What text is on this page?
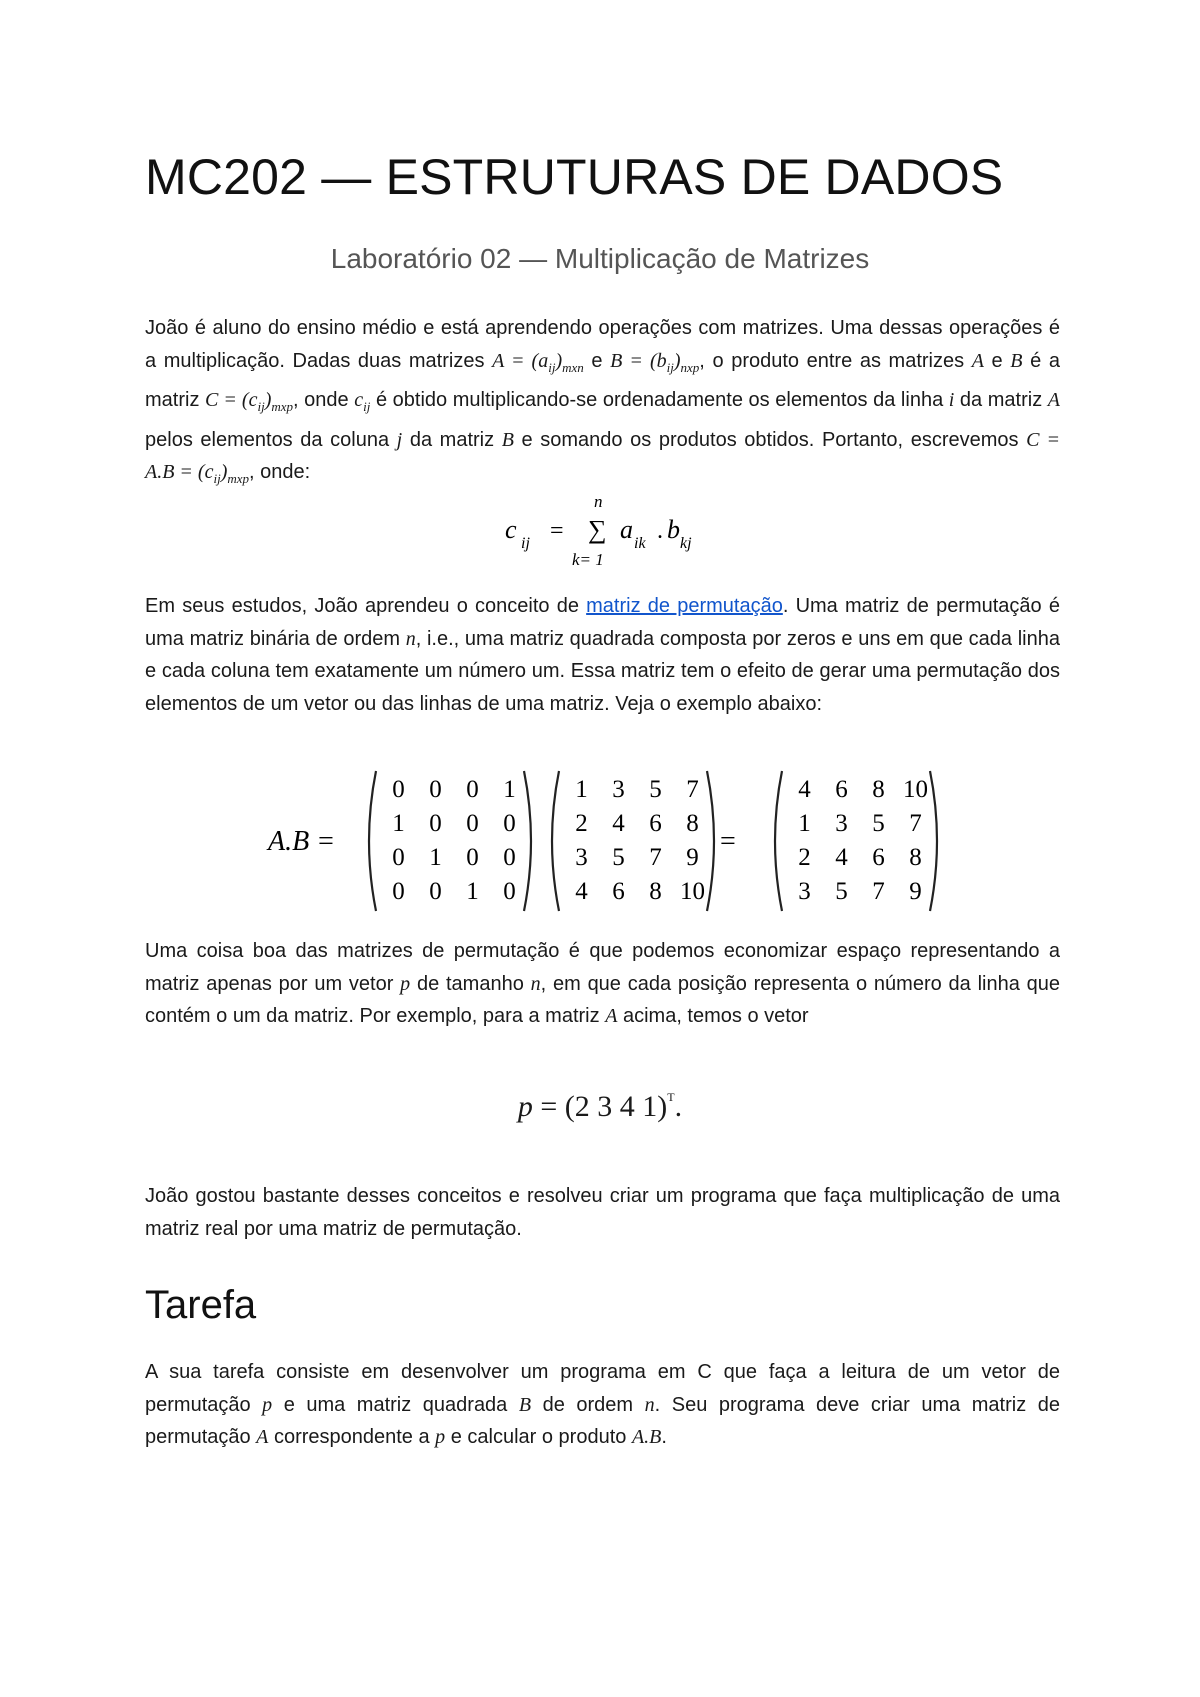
MC202 — ESTRUTURAS DE DADOS
Laboratório 02 — Multiplicação de Matrizes

João é aluno do ensino médio e está aprendendo operações com matrizes. Uma dessas operações é a multiplicação. Dadas duas matrizes $A = (a_{ij})_{mxn}$ e $B = (b_{ij})_{nxp}$, o produto entre as matrizes A e B é a matriz $C = (c_{ij})_{mxp}$, onde $c_{ij}$ é obtido multiplicando-se ordenadamente os elementos da linha i da matriz A pelos elementos da coluna j da matriz B e somando os produtos obtidos. Portanto, escrevemos $C = A.B = (c_{ij})_{mxp}$, onde:

c ij =
n
∑
k= 1
a ik . b kj

Em seus estudos, João aprendeu o conceito de matriz de permutação. Uma matriz de permutação é uma matriz binária de ordem n, i.e., uma matriz quadrada composta por zeros e uns em que cada linha e cada coluna tem exatamente um número um. Essa matriz tem o efeito de gerar uma permutação dos elementos de um vetor ou das linhas de uma matriz. Veja o exemplo abaixo:

A.B =	=
0 0 0 1
1 0 0 0
0 1 0 0
0 0 1 0
1 3 5 7
2 4 6 8
3 5 7 9
4 6 8 10
4 6 8 10
1 3 5 7
2 4 6 8
3 5 7 9

Uma coisa boa das matrizes de permutação é que podemos economizar espaço representando a matriz apenas por um vetor p de tamanho n, em que cada posição representa o número da linha que contém o um da matriz. Por exemplo, para a matriz A acima, temos o vetor

p = (2 3 4 1)$^T$.

João gostou bastante desses conceitos e resolveu criar um programa que faça multiplicação de uma matriz real por uma matriz de permutação.

Tarefa

A sua tarefa consiste em desenvolver um programa em C que faça a leitura de um vetor de permutação p e uma matriz quadrada B de ordem n. Seu programa deve criar uma matriz de permutação A correspondente a p e calcular o produto A.B.
